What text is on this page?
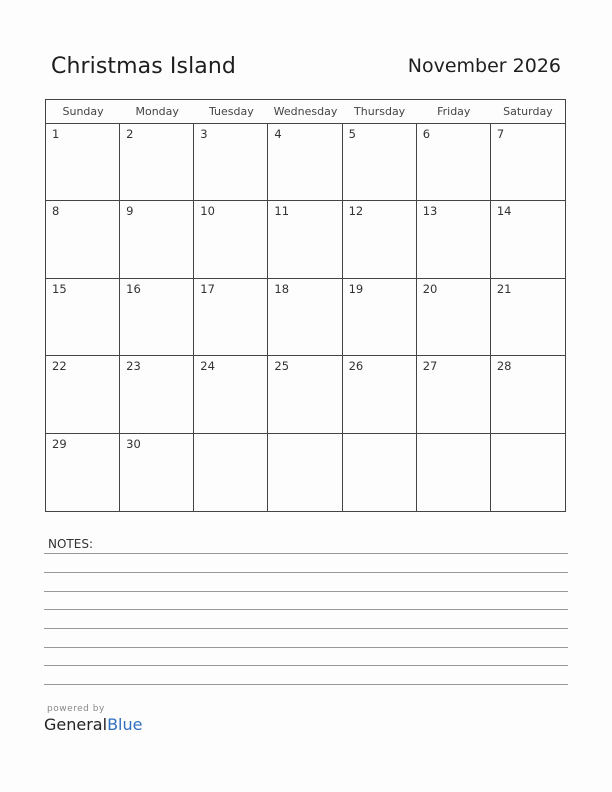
Christmas Island	November 2026
Sunday	Monday	Tuesday	Wednesday	Thursday	Friday	Saturday
1	2	3	4	5	6	7
8	9	10	11	12	13	14
15	16	17	18	19	20	21
22	23	24	25	26	27	28
29	30
NOTES:
powered by
GeneralBlue
